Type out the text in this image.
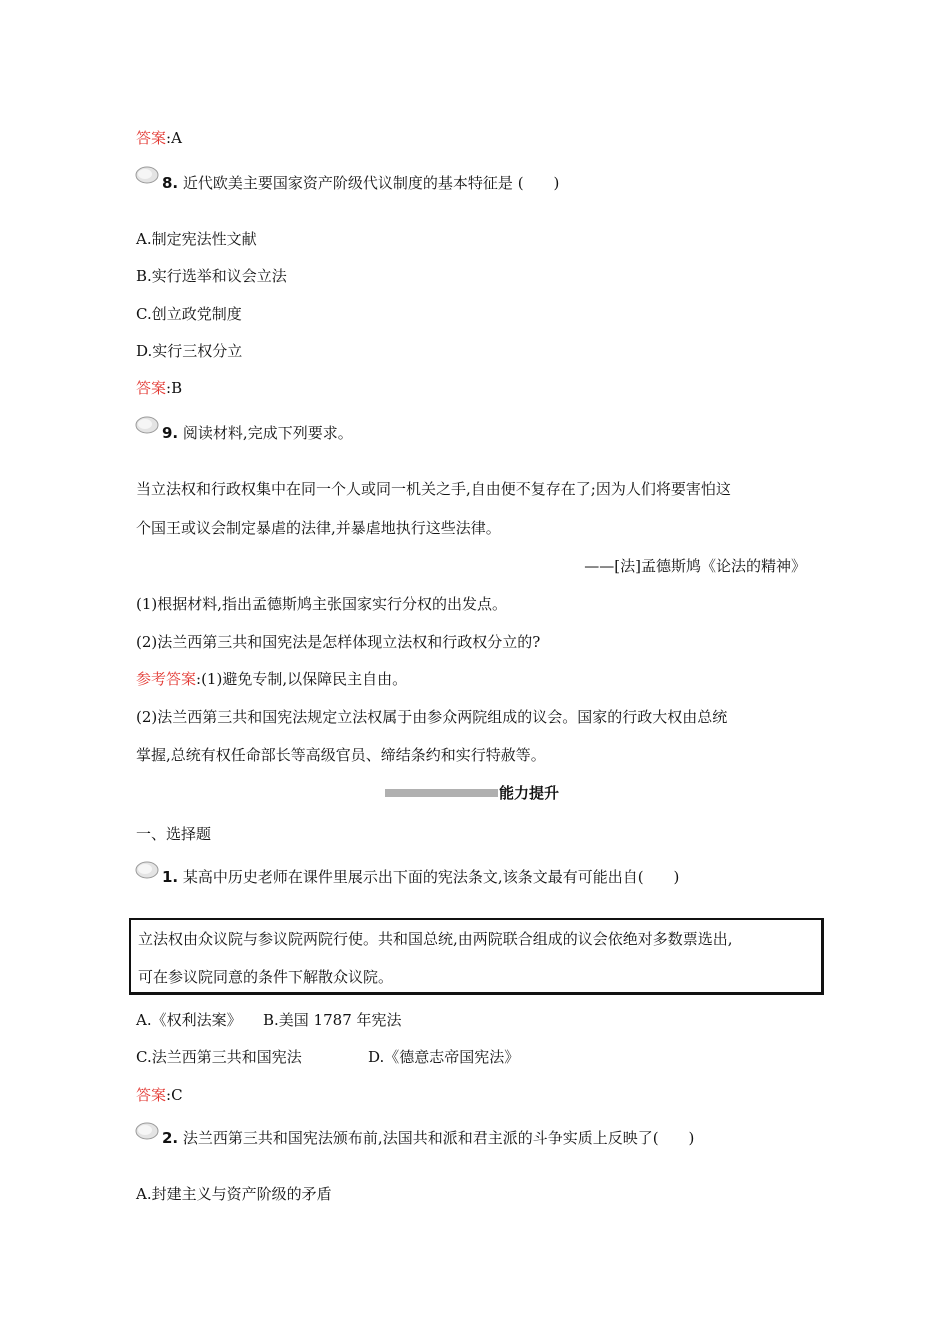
答案:A
8. 近代欧美主要国家资产阶级代议制度的基本特征是 (　　)
A.制定宪法性文献
B.实行选举和议会立法
C.创立政党制度
D.实行三权分立
答案:B
9. 阅读材料,完成下列要求。
当立法权和行政权集中在同一个人或同一机关之手,自由便不复存在了;因为人们将要害怕这
个国王或议会制定暴虐的法律,并暴虐地执行这些法律。
——[法]孟德斯鸠《论法的精神》
(1)根据材料,指出孟德斯鸠主张国家实行分权的出发点。
(2)法兰西第三共和国宪法是怎样体现立法权和行政权分立的?
参考答案:(1)避免专制,以保障民主自由。
(2)法兰西第三共和国宪法规定立法权属于由参众两院组成的议会。国家的行政大权由总统
掌握,总统有权任命部长等高级官员、缔结条约和实行特赦等。
能力提升
一、选择题
1. 某高中历史老师在课件里展示出下面的宪法条文,该条文最有可能出自(　　)
立法权由众议院与参议院两院行使。共和国总统,由两院联合组成的议会依绝对多数票选出,
可在参议院同意的条件下解散众议院。
A.《权利法案》 B.美国 1787 年宪法
C.法兰西第三共和国宪法	D.《德意志帝国宪法》
答案:C
2. 法兰西第三共和国宪法颁布前,法国共和派和君主派的斗争实质上反映了(　　)
A.封建主义与资产阶级的矛盾
